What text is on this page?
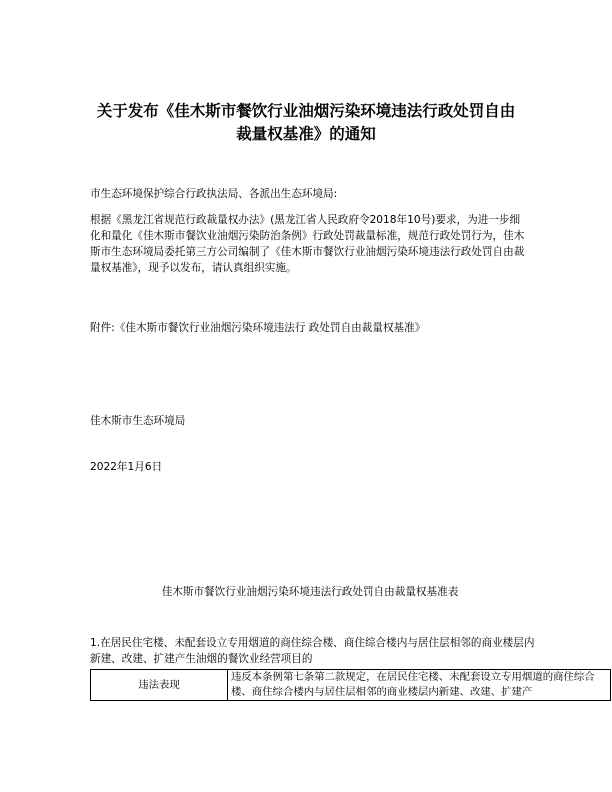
关于发布《佳木斯市餐饮行业油烟污染环境违法行政处罚自由
裁量权基准》的通知
市生态环境保护综合行政执法局、各派出生态环境局:
根据《黑龙江省规范行政裁量权办法》(黑龙江省人民政府令2018年10号)要求，为进一步细化和量化《佳木斯市餐饮业油烟污染防治条例》行政处罚裁量标准，规范行政处罚行为，佳木斯市生态环境局委托第三方公司编制了《佳木斯市餐饮行业油烟污染环境违法行政处罚自由裁量权基准》，现予以发布，请认真组织实施。
附件:《佳木斯市餐饮行业油烟污染环境违法行 政处罚自由裁量权基准》
佳木斯市生态环境局
2022年1月6日
佳木斯市餐饮行业油烟污染环境违法行政处罚自由裁量权基准表
1.在居民住宅楼、未配套设立专用烟道的商住综合楼、商住综合楼内与居住层相邻的商业楼层内新建、改建、扩建产生油烟的餐饮业经营项目的
违法表现	违反本条例第七条第二款规定，在居民住宅楼、未配套设立专用烟道的商住综合楼、商住综合楼内与居住层相邻的商业楼层内新建、改建、扩建产
